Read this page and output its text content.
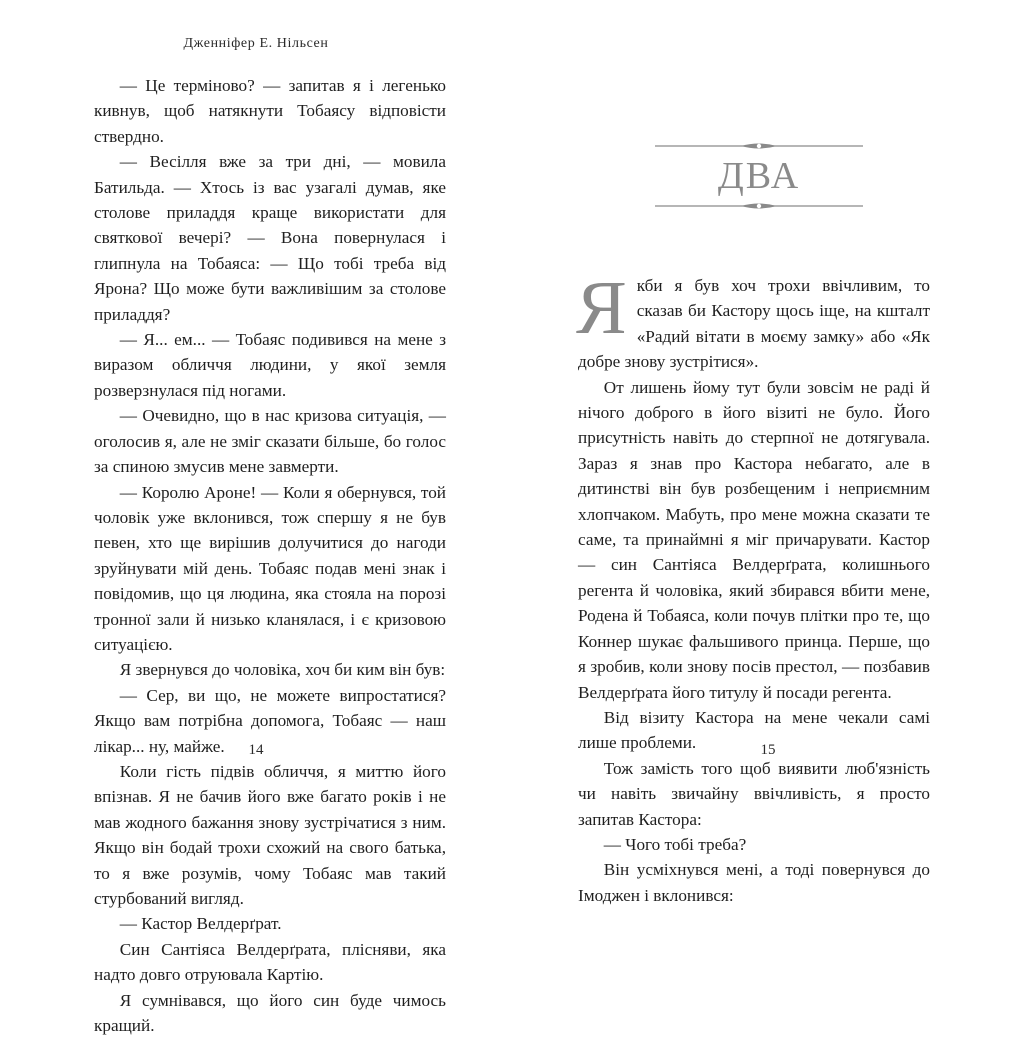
Дженніфер Е. Нільсен

— Це терміново? — запитав я і легенько кивнув, щоб натякнути Тобаясу відповісти ствердно.

— Весілля вже за три дні, — мовила Батильда. — Хтось із вас узагалі думав, яке столове приладдя краще використати для святкової вечері? — Вона повернулася і глипнула на Тобаяса: — Що тобі треба від Ярона? Що може бути важливішим за столове приладдя?

— Я... ем... — Тобаяс подивився на мене з виразом обличчя людини, у якої земля розверзнулася під ногами.

— Очевидно, що в нас кризова ситуація, — оголосив я, але не зміг сказати більше, бо голос за спиною змусив мене завмерти.

— Королю Ароне! — Коли я обернувся, той чоловік уже вклонився, тож спершу я не був певен, хто ще вирішив долучитися до нагоди зруйнувати мій день. Тобаяс подав мені знак і повідомив, що ця людина, яка стояла на порозі тронної зали й низько кланялася, і є кризовою ситуацією.

Я звернувся до чоловіка, хоч би ким він був:

— Сер, ви що, не можете випростатися? Якщо вам потрібна допомога, Тобаяс — наш лікар... ну, майже.

Коли гість підвів обличчя, я миттю його впізнав. Я не бачив його вже багато років і не мав жодного бажання знову зустрічатися з ним. Якщо він бодай трохи схожий на свого батька, то я вже розумів, чому Тобаяс мав такий стурбований вигляд.

— Кастор Велдерґрат.

Син Сантіяса Велдерґрата, плісняви, яка надто довго отруювала Картію.

Я сумнівався, що його син буде чимось кращий.

14
ДВА

Якби я був хоч трохи ввічливим, то сказав би Кастору щось іще, на кшталт «Радий вітати в моєму замку» або «Як добре знову зустрітися».

От лишень йому тут були зовсім не раді й нічого доброго в його візиті не було. Його присутність навіть до стерпної не дотягувала. Зараз я знав про Кастора небагато, але в дитинстві він був розбещеним і неприємним хлопчаком. Мабуть, про мене можна сказати те саме, та принаймні я міг причарувати. Кастор — син Сантіяса Велдерґрата, колишнього регента й чоловіка, який збирався вбити мене, Родена й Тобаяса, коли почув плітки про те, що Коннер шукає фальшивого принца. Перше, що я зробив, коли знову посів престол, — позбавив Велдерґрата його титулу й посади регента.

Від візиту Кастора на мене чекали самі лише проблеми.

Тож замість того щоб виявити люб'язність чи навіть звичайну ввічливість, я просто запитав Кастора:

— Чого тобі треба?

Він усміхнувся мені, а тоді повернувся до Імоджен і вклонився:

15
